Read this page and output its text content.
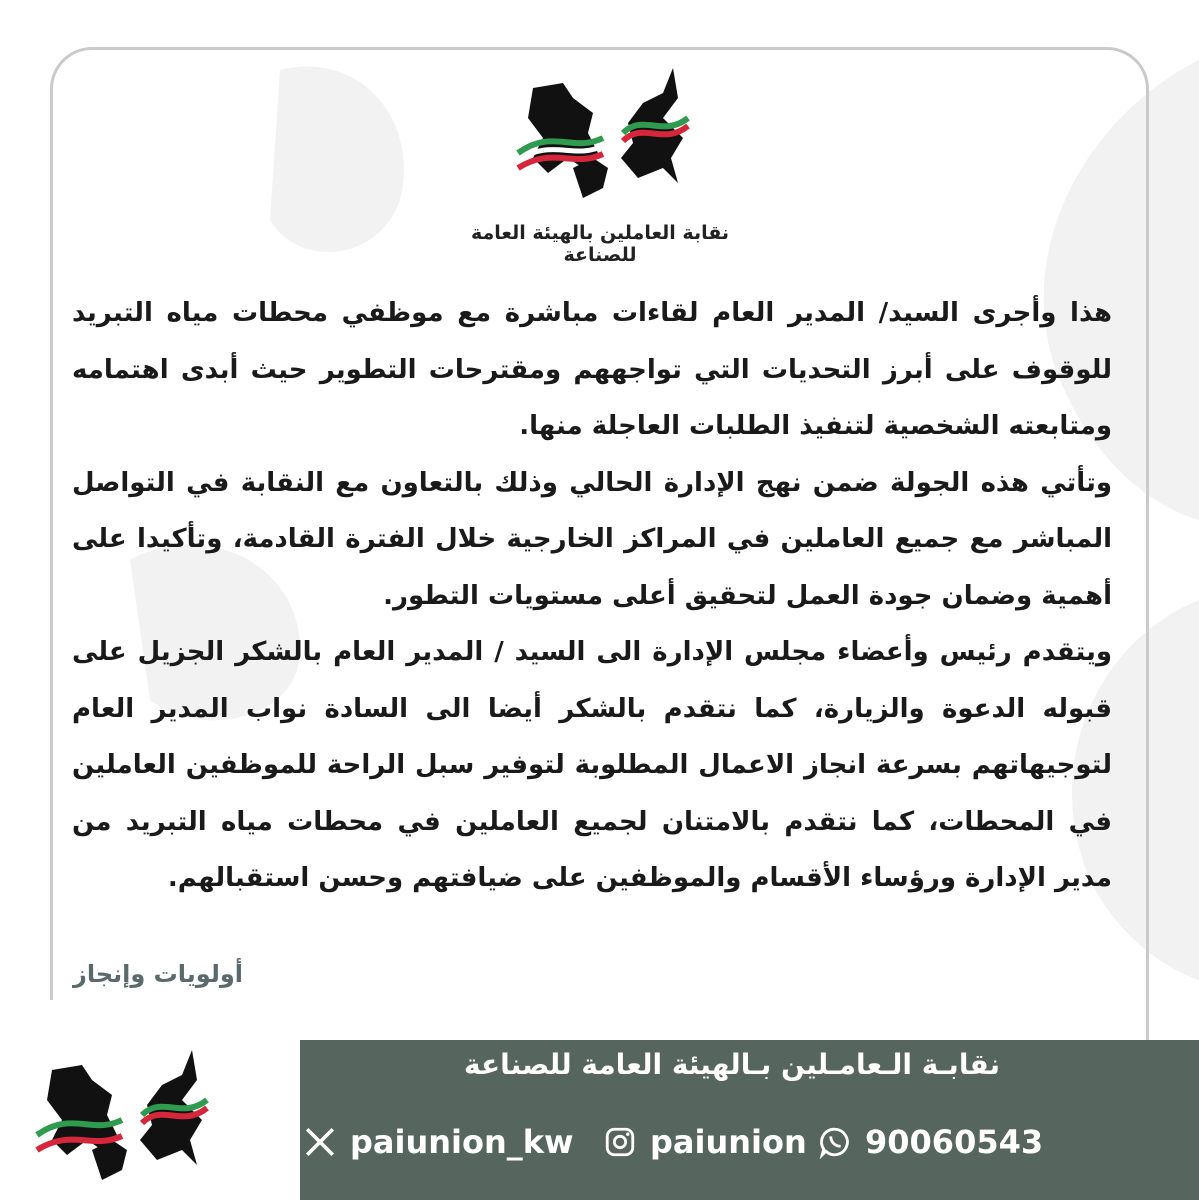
نقابة العاملين بالهيئة العامة للصناعة

هذا وأجرى السيد/ المدير العام لقاءات مباشرة مع موظفي محطات مياه التبريد للوقوف على أبرز التحديات التي تواجههم ومقترحات التطوير حيث أبدى اهتمامه ومتابعته الشخصية لتنفيذ الطلبات العاجلة منها.

وتأتي هذه الجولة ضمن نهج الإدارة الحالي وذلك بالتعاون مع النقابة في التواصل المباشر مع جميع العاملين في المراكز الخارجية خلال الفترة القادمة، وتأكيدا على أهمية وضمان جودة العمل لتحقيق أعلى مستويات التطور.

ويتقدم رئيس وأعضاء مجلس الإدارة الى السيد / المدير العام بالشكر الجزيل على قبوله الدعوة والزيارة، كما نتقدم بالشكر أيضا الى السادة نواب المدير العام لتوجيهاتهم بسرعة انجاز الاعمال المطلوبة لتوفير سبل الراحة للموظفين العاملين في المحطات، كما نتقدم بالامتنان لجميع العاملين في محطات مياه التبريد من مدير الإدارة ورؤساء الأقسام والموظفين على ضيافتهم وحسن استقبالهم.

أولويات وإنجاز
نقابـة الـعامـلين بـالهيئة العامة للصناعة
paiunion_kw paiunion 90060543
